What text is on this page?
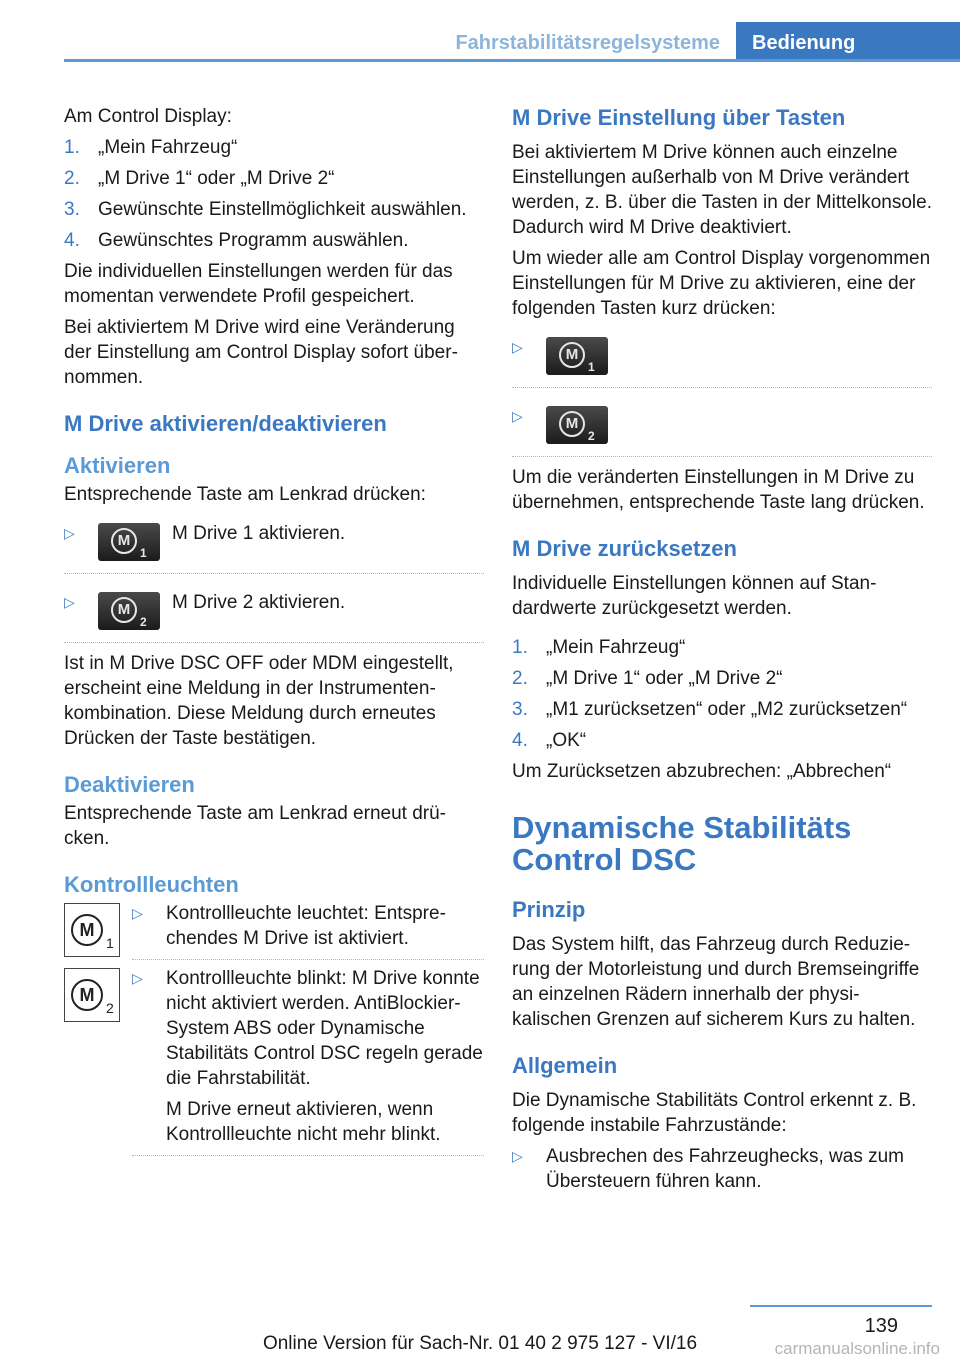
Fahrstabilitätsregelsysteme	Bedienung

Am Control Display:

1. „Mein Fahrzeug“
2. „M Drive 1“ oder „M Drive 2“
3. Gewünschte Einstellmöglichkeit auswählen.
4. Gewünschtes Programm auswählen.

Die individuellen Einstellungen werden für das momentan verwendete Profil gespeichert.

Bei aktiviertem M Drive wird eine Veränderung der Einstellung am Control Display sofort übernommen.

M Drive aktivieren/deaktivieren
Aktivieren

Entsprechende Taste am Lenkrad drücken:

▷	M
1
M Drive 1 aktivieren.
▷	M
2
M Drive 2 aktivieren.

Ist in M Drive DSC OFF oder MDM eingestellt, erscheint eine Meldung in der Instrumentenkombination. Diese Meldung durch erneutes Drücken der Taste bestätigen.

Deaktivieren

Entsprechende Taste am Lenkrad erneut drücken.

Kontrollleuchten
M
1
▷	Kontrollleuchte leuchtet: Entsprechendes M Drive ist aktiviert.
M
2
▷	Kontrollleuchte blinkt: M Drive konnte nicht aktiviert werden. AntiBlockier-System ABS oder Dynamische Stabilitäts Control DSC regeln gerade die Fahrstabilität.
M Drive erneut aktivieren, wenn Kontrollleuchte nicht mehr blinkt.
M Drive Einstellung über Tasten

Bei aktiviertem M Drive können auch einzelne Einstellungen außerhalb von M Drive verändert werden, z. B. über die Tasten in der Mittelkonsole. Dadurch wird M Drive deaktiviert.

Um wieder alle am Control Display vorgenommen Einstellungen für M Drive zu aktivieren, eine der folgenden Tasten kurz drücken:

▷	M
1
▷	M
2

Um die veränderten Einstellungen in M Drive zu übernehmen, entsprechende Taste lang drücken.

M Drive zurücksetzen

Individuelle Einstellungen können auf Standardwerte zurückgesetzt werden.

1. „Mein Fahrzeug“
2. „M Drive 1“ oder „M Drive 2“
3. „M1 zurücksetzen“ oder „M2 zurücksetzen“
4. „OK“

Um Zurücksetzen abzubrechen: „Abbrechen“

Dynamische Stabilitäts Control DSC
Prinzip

Das System hilft, das Fahrzeug durch Reduzierung der Motorleistung und durch Bremseingriffe an einzelnen Rädern innerhalb der physikalischen Grenzen auf sicherem Kurs zu halten.

Allgemein

Die Dynamische Stabilitäts Control erkennt z. B. folgende instabile Fahrzustände:

▷	Ausbrechen des Fahrzeughecks, was zum Übersteuern führen kann.
139
Online Version für Sach-Nr. 01 40 2 975 127 - VI/16	carmanualsonline.info
